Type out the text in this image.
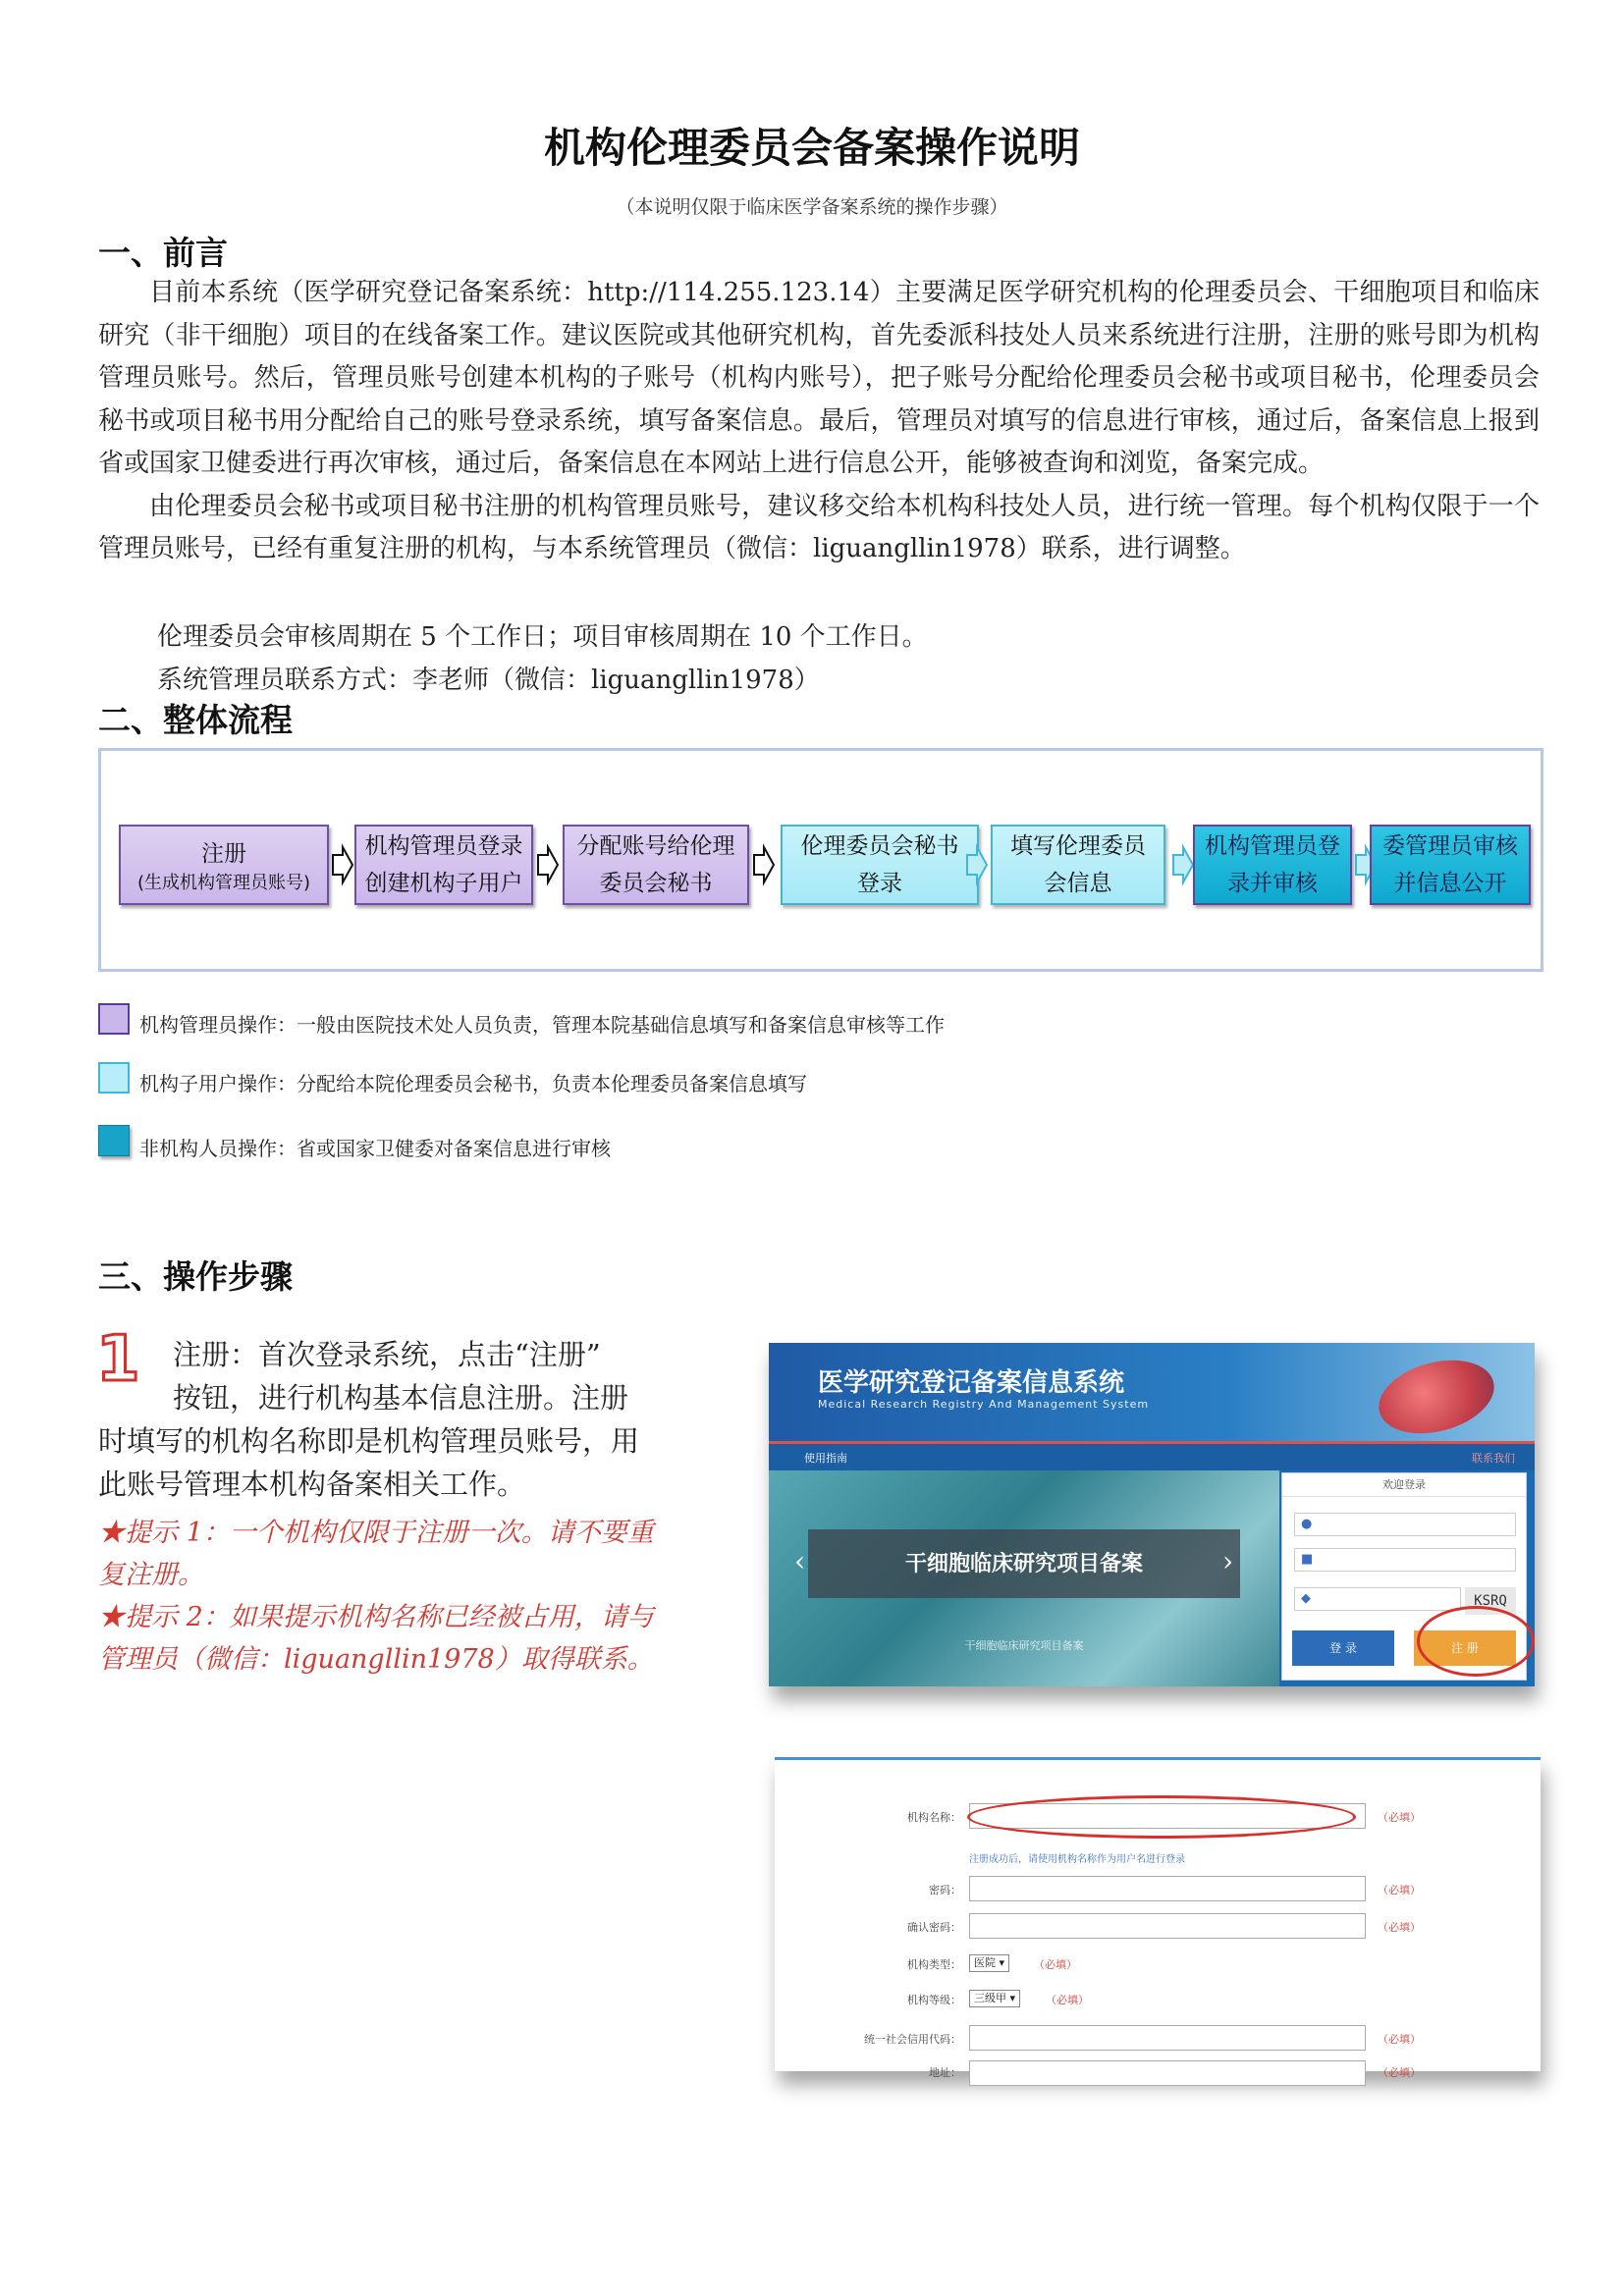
机构伦理委员会备案操作说明
（本说明仅限于临床医学备案系统的操作步骤）
一、前言

目前本系统（医学研究登记备案系统：http://114.255.123.14）主要满足医学研究机构的伦理委员会、干细胞项目和临床研究（非干细胞）项目的在线备案工作。建议医院或其他研究机构，首先委派科技处人员来系统进行注册，注册的账号即为机构管理员账号。然后，管理员账号创建本机构的子账号（机构内账号），把子账号分配给伦理委员会秘书或项目秘书，伦理委员会秘书或项目秘书用分配给自己的账号登录系统，填写备案信息。最后，管理员对填写的信息进行审核，通过后，备案信息上报到省或国家卫健委进行再次审核，通过后，备案信息在本网站上进行信息公开，能够被查询和浏览，备案完成。

由伦理委员会秘书或项目秘书注册的机构管理员账号，建议移交给本机构科技处人员，进行统一管理。每个机构仅限于一个管理员账号，已经有重复注册的机构，与本系统管理员（微信：liguangllin1978）联系，进行调整。

伦理委员会审核周期在 5 个工作日；项目审核周期在 10 个工作日。
系统管理员联系方式：李老师（微信：liguangllin1978）
二、整体流程
注册
(生成机构管理员账号)
机构管理员登录
创建机构子用户
分配账号给伦理
委员会秘书
伦理委员会秘书
登录
填写伦理委员
会信息
机构管理员登
录并审核
委管理员审核
并信息公开
机构管理员操作：一般由医院技术处人员负责，管理本院基础信息填写和备案信息审核等工作
机构子用户操作：分配给本院伦理委员会秘书，负责本伦理委员备案信息填写
非机构人员操作：省或国家卫健委对备案信息进行审核
三、操作步骤
1	注册：首次登录系统，点击“注册”
按钮，进行机构基本信息注册。注册
时填写的机构名称即是机构管理员账号，用
此账号管理本机构备案相关工作。
★提示 1：一个机构仅限于注册一次。请不要重
复注册。
★提示 2：如果提示机构名称已经被占用，请与
管理员（微信：liguangllin1978）取得联系。
医学研究登记备案信息系统
Medical Research Registry And Management System
使用指南	联系我们
‹	干细胞临床研究项目备案	›
干细胞临床研究项目备案
欢迎登录
●
■
◆	KSRQ
登 录	注 册
机构名称：	（必填）
注册成功后，请使用机构名称作为用户名进行登录
密码：	（必填）
确认密码：	（必填）
机构类型：	医院 ▾	（必填）
机构等级：	三级甲 ▾	（必填）
统一社会信用代码：	（必填）
地址：	（必填）
